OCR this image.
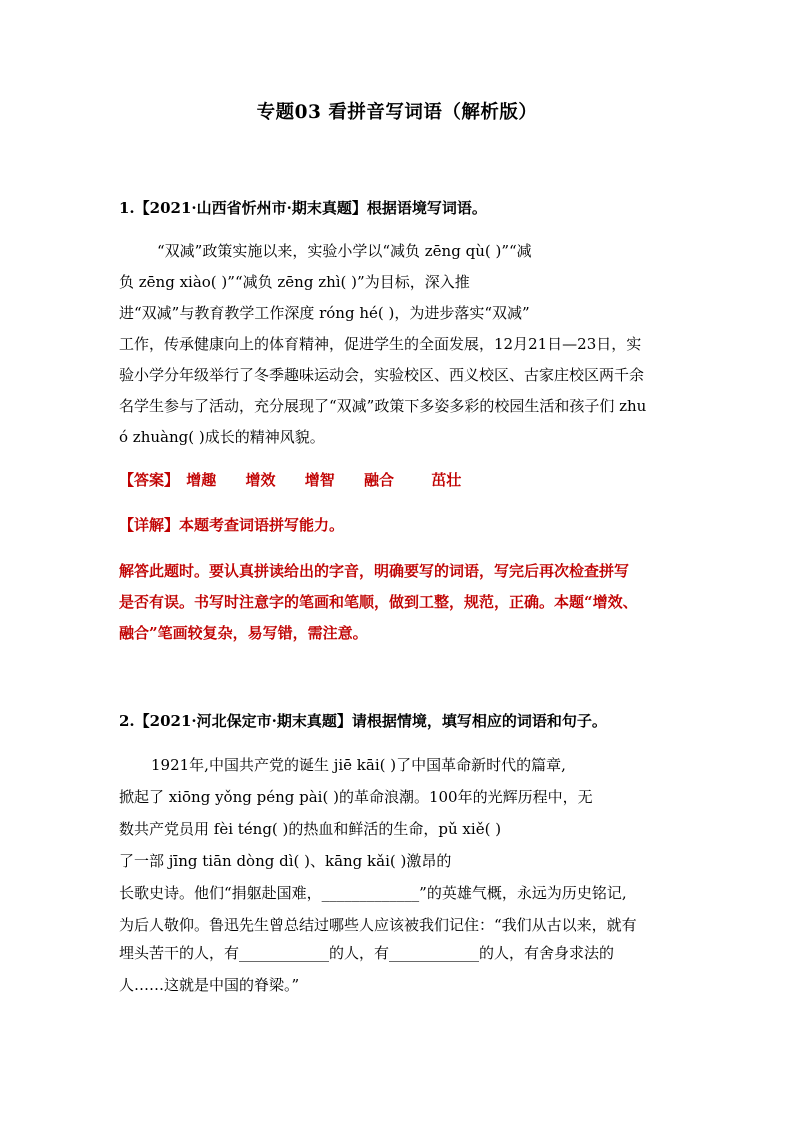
专题03 看拼音写词语（解析版）
1.【2021·山西省忻州市·期末真题】根据语境写词语。
“双减”政策实施以来，实验小学以“减负 zēng qù( )”“减
负 zēng xiào( )”“减负 zēng zhì( )”为目标，深入推
进“双减”与教育教学工作深度 róng hé( )，为进步落实“双减”
工作，传承健康向上的体育精神，促进学生的全面发展，12月21日—23日，实
验小学分年级举行了冬季趣味运动会，实验校区、西义校区、古家庄校区两千余
名学生参与了活动，充分展现了“双减”政策下多姿多彩的校园生活和孩子们 zhu
ó zhuàng( )成长的精神风貌。
【答案】 增趣 增效 增智 融合 茁壮
【详解】本题考查词语拼写能力。
解答此题时。要认真拼读给出的字音，明确要写的词语，写完后再次检查拼写
是否有误。书写时注意字的笔画和笔顺，做到工整，规范，正确。本题“增效、
融合”笔画较复杂，易写错，需注意。
2.【2021·河北保定市·期末真题】请根据情境，填写相应的词语和句子。
1921年,中国共产党的诞生 jiē kāi( )了中国革命新时代的篇章,
掀起了 xiōng yǒng péng pài( )的革命浪潮。100年的光辉历程中，无
数共产党员用 fèi téng( )的热血和鲜活的生命，pǔ xiě( )
了一部 jīng tiān dòng dì( )、kāng kǎi( )激昂的
长歌史诗。他们“捐躯赴国难，_____________”的英雄气概，永远为历史铭记,
为后人敬仰。鲁迅先生曾总结过哪些人应该被我们记住：“我们从古以来，就有
埋头苦干的人，有____________的人，有____________的人，有舍身求法的
人……这就是中国的脊梁。”
